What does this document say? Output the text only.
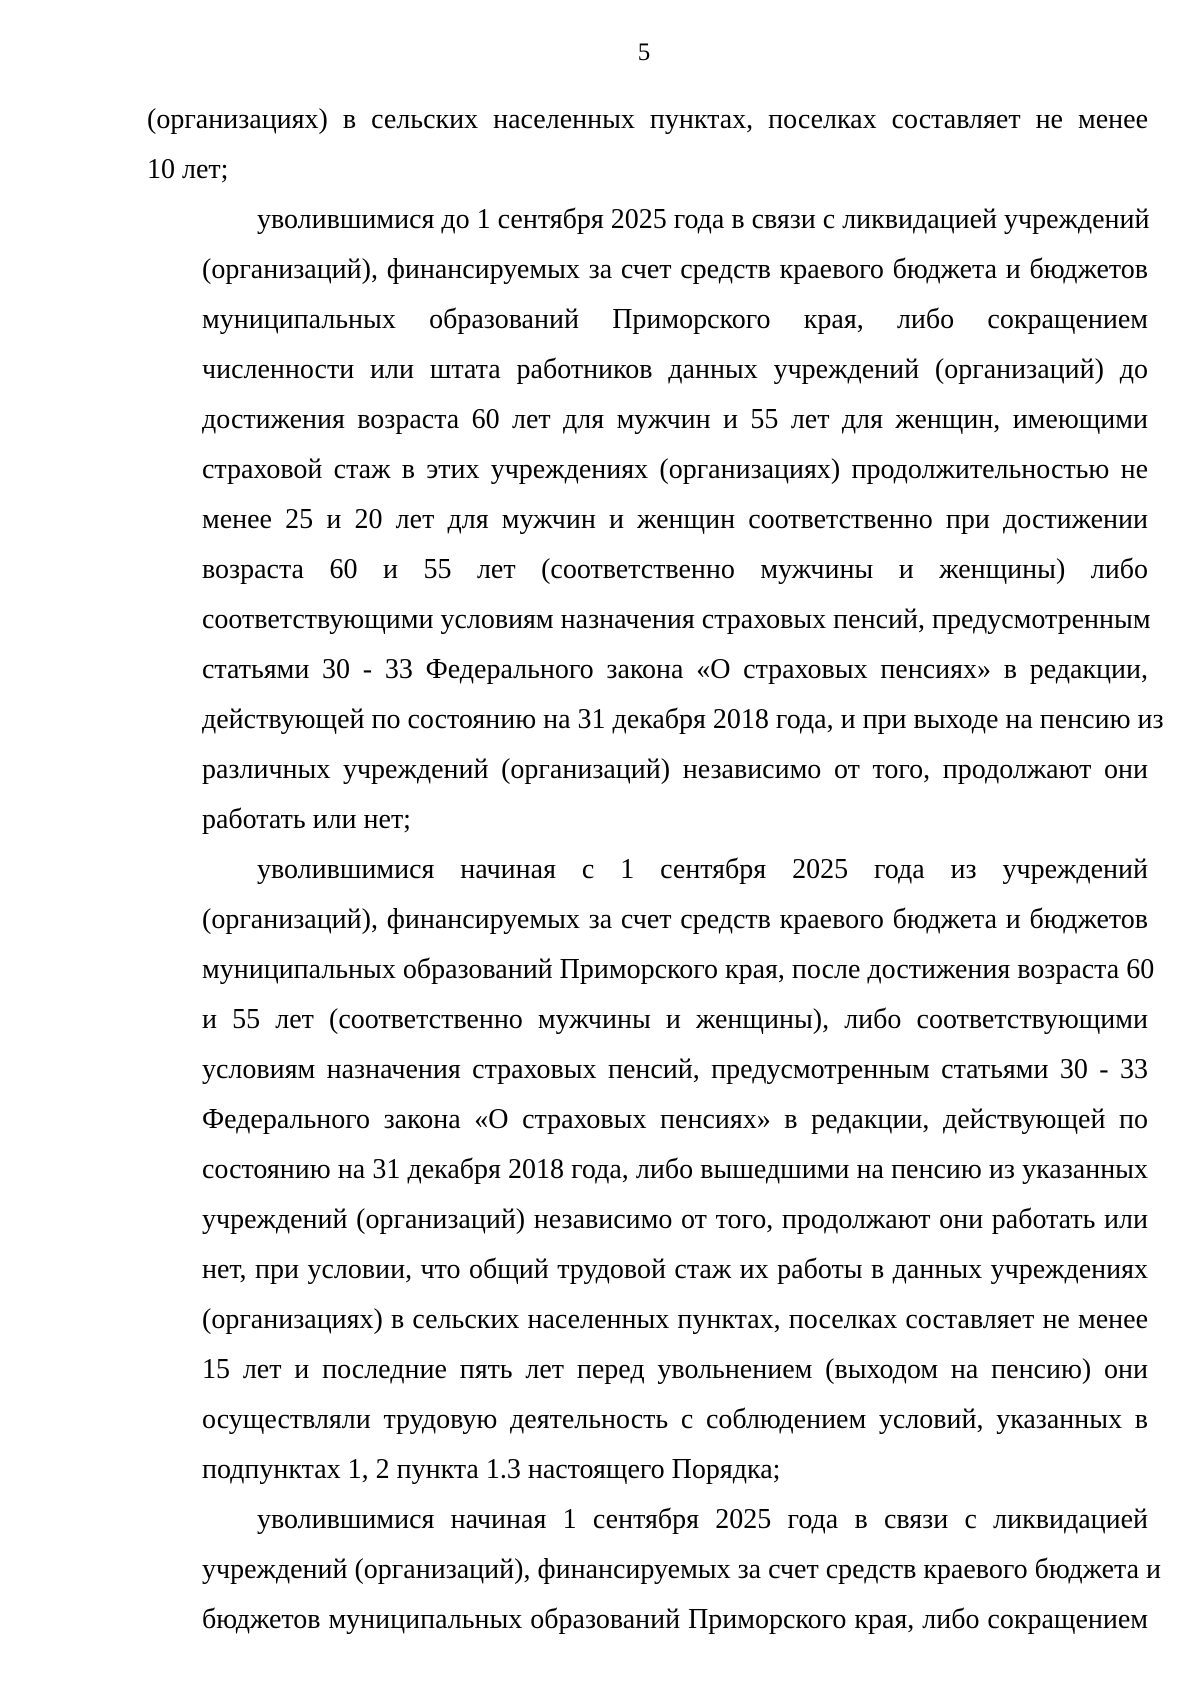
5
(организациях) в сельских населенных пунктах, поселках составляет не менее
10 лет;
уволившимися до 1 сентября 2025 года в связи с ликвидацией учреждений
(организаций), финансируемых за счет средств краевого бюджета и бюджетов
муниципальных образований Приморского края, либо сокращением
численности или штата работников данных учреждений (организаций) до
достижения возраста 60 лет для мужчин и 55 лет для женщин, имеющими
страховой стаж в этих учреждениях (организациях) продолжительностью не
менее 25 и 20 лет для мужчин и женщин соответственно при достижении
возраста 60 и 55 лет (соответственно мужчины и женщины) либо
соответствующими условиям назначения страховых пенсий, предусмотренным
статьями 30 - 33 Федерального закона «О страховых пенсиях» в редакции,
действующей по состоянию на 31 декабря 2018 года, и при выходе на пенсию из
различных учреждений (организаций) независимо от того, продолжают они
работать или нет;
уволившимися начиная с 1 сентября 2025 года из учреждений
(организаций), финансируемых за счет средств краевого бюджета и бюджетов
муниципальных образований Приморского края, после достижения возраста 60
и 55 лет (соответственно мужчины и женщины), либо соответствующими
условиям назначения страховых пенсий, предусмотренным статьями 30 - 33
Федерального закона «О страховых пенсиях» в редакции, действующей по
состоянию на 31 декабря 2018 года, либо вышедшими на пенсию из указанных
учреждений (организаций) независимо от того, продолжают они работать или
нет, при условии, что общий трудовой стаж их работы в данных учреждениях
(организациях) в сельских населенных пунктах, поселках составляет не менее
15 лет и последние пять лет перед увольнением (выходом на пенсию) они
осуществляли трудовую деятельность с соблюдением условий, указанных в
подпунктах 1, 2 пункта 1.3 настоящего Порядка;
уволившимися начиная 1 сентября 2025 года в связи с ликвидацией
учреждений (организаций), финансируемых за счет средств краевого бюджета и
бюджетов муниципальных образований Приморского края, либо сокращением
